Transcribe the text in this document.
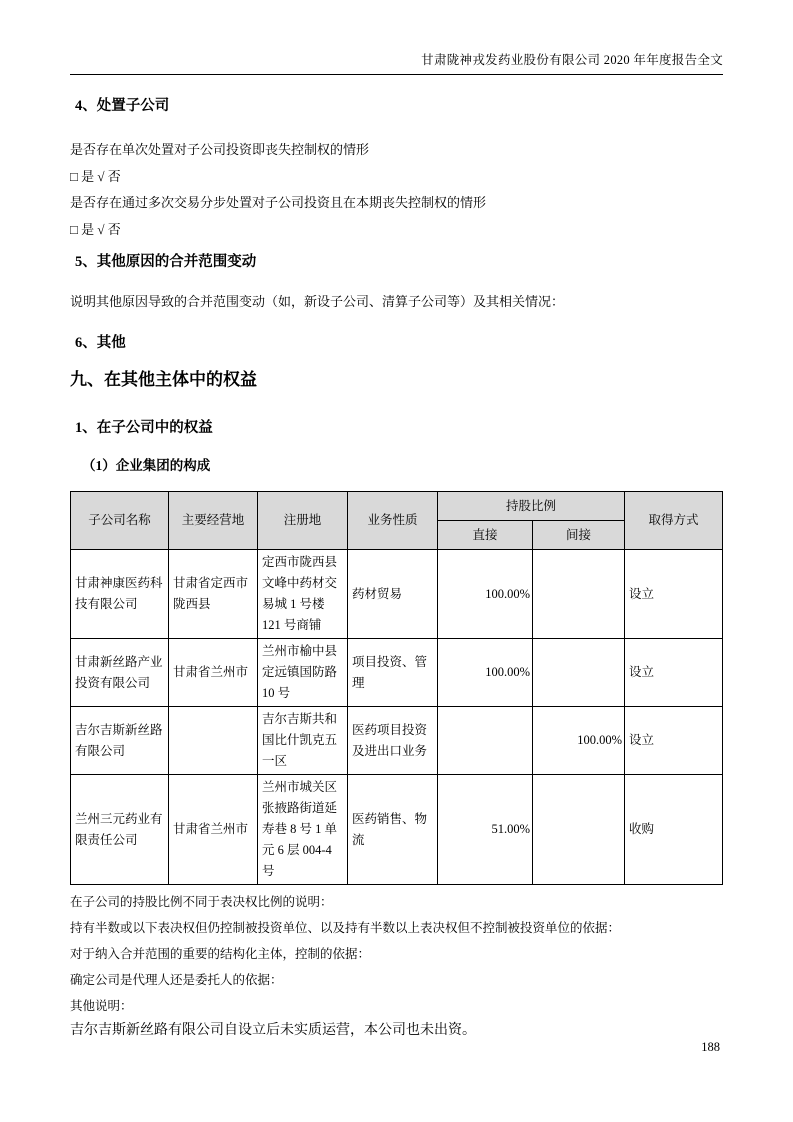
甘肃陇神戎发药业股份有限公司 2020 年年度报告全文
4、处置子公司
是否存在单次处置对子公司投资即丧失控制权的情形
□ 是 √ 否
是否存在通过多次交易分步处置对子公司投资且在本期丧失控制权的情形
□ 是 √ 否
5、其他原因的合并范围变动
说明其他原因导致的合并范围变动（如，新设子公司、清算子公司等）及其相关情况：
6、其他
九、在其他主体中的权益
1、在子公司中的权益
（1）企业集团的构成
子公司名称	主要经营地	注册地	业务性质	持股比例		取得方式
				直接	间接	
甘肃神康医药科技有限公司	甘肃省定西市陇西县	定西市陇西县文峰中药材交易城 1 号楼 121 号商铺	药材贸易	100.00%		设立
甘肃新丝路产业投资有限公司	甘肃省兰州市	兰州市榆中县定远镇国防路 10 号	项目投资、管理	100.00%		设立
吉尔吉斯新丝路有限公司		吉尔吉斯共和国比什凯克五一区	医药项目投资及进出口业务		100.00%	设立
兰州三元药业有限责任公司	甘肃省兰州市	兰州市城关区张掖路街道延寿巷 8 号 1 单元 6 层 004-4 号	医药销售、物流	51.00%		收购
在子公司的持股比例不同于表决权比例的说明：
持有半数或以下表决权但仍控制被投资单位、以及持有半数以上表决权但不控制被投资单位的依据：
对于纳入合并范围的重要的结构化主体，控制的依据：
确定公司是代理人还是委托人的依据：
其他说明：
吉尔吉斯新丝路有限公司自设立后未实质运营，本公司也未出资。
188
